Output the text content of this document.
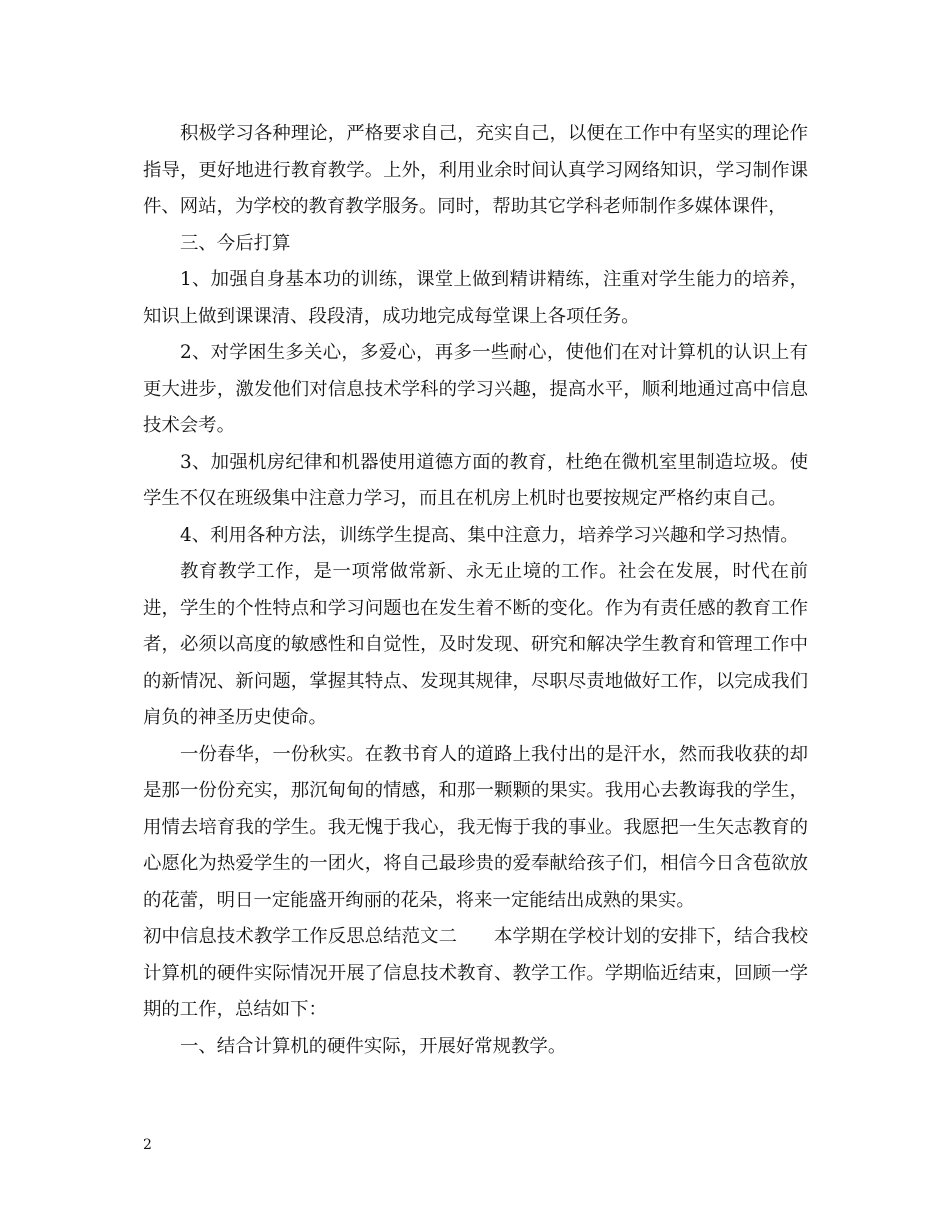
积极学习各种理论，严格要求自己，充实自己，以便在工作中有坚实的理论作指导，更好地进行教育教学。上外，利用业余时间认真学习网络知识，学习制作课件、网站，为学校的教育教学服务。同时，帮助其它学科老师制作多媒体课件，

三、今后打算

1、加强自身基本功的训练，课堂上做到精讲精练，注重对学生能力的培养，知识上做到课课清、段段清，成功地完成每堂课上各项任务。

2、对学困生多关心，多爱心，再多一些耐心，使他们在对计算机的认识上有更大进步，激发他们对信息技术学科的学习兴趣，提高水平，顺利地通过高中信息技术会考。

3、加强机房纪律和机器使用道德方面的教育，杜绝在微机室里制造垃圾。使学生不仅在班级集中注意力学习，而且在机房上机时也要按规定严格约束自己。

4、利用各种方法，训练学生提高、集中注意力，培养学习兴趣和学习热情。

教育教学工作，是一项常做常新、永无止境的工作。社会在发展，时代在前进，学生的个性特点和学习问题也在发生着不断的变化。作为有责任感的教育工作者，必须以高度的敏感性和自觉性，及时发现、研究和解决学生教育和管理工作中的新情况、新问题，掌握其特点、发现其规律，尽职尽责地做好工作，以完成我们肩负的神圣历史使命。

一份春华，一份秋实。在教书育人的道路上我付出的是汗水，然而我收获的却是那一份份充实，那沉甸甸的情感，和那一颗颗的果实。我用心去教诲我的学生，用情去培育我的学生。我无愧于我心，我无悔于我的事业。我愿把一生矢志教育的心愿化为热爱学生的一团火，将自己最珍贵的爱奉献给孩子们，相信今日含苞欲放的花蕾，明日一定能盛开绚丽的花朵，将来一定能结出成熟的果实。

初中信息技术教学工作反思总结范文二　　本学期在学校计划的安排下，结合我校计算机的硬件实际情况开展了信息技术教育、教学工作。学期临近结束，回顾一学期的工作，总结如下：

一、结合计算机的硬件实际，开展好常规教学。

2
